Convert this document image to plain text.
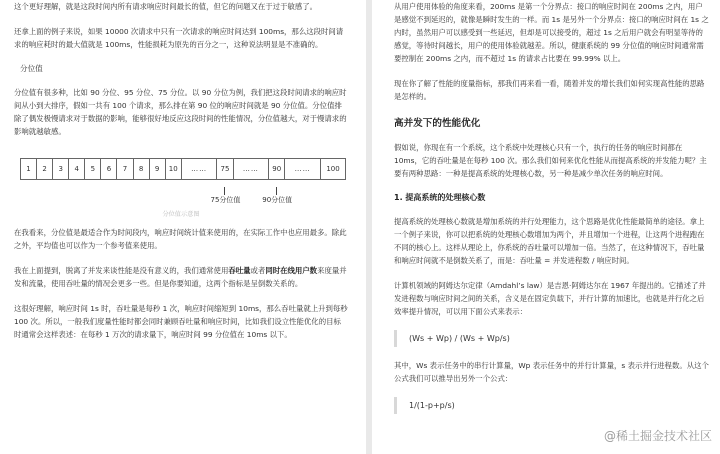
这个更好理解，就是这段时间内所有请求响应时间最长的值，但它的问题又在于过于敏感了。

还拿上面的例子来说，如果 10000 次请求中只有一次请求的响应时间达到 100ms，那么这段时间请求的响应耗时的最大值就是 100ms，性能损耗为原先的百分之一，这种说法明显是不准确的。

分位值

分位值有很多种，比如 90 分位、95 分位、75 分位。以 90 分位为例，我们把这段时间请求的响应时间从小到大排序，假如一共有 100 个请求，那么排在第 90 位的响应时间就是 90 分位值。分位值排除了偶发极慢请求对于数据的影响，能够很好地反应这段时间的性能情况，分位值越大，对于慢请求的影响就越敏感。

1	2	3	4	5	6	7	8	9	10	……	75	……	90	……	100
75分位值	90分位值
分位值示意图

在我看来，分位值是最适合作为时间段内，响应时间统计值来使用的，在实际工作中也应用最多。除此之外，平均值也可以作为一个参考值来使用。

我在上面提到，脱离了并发来谈性能是没有意义的，我们通常使用吞吐量或者同时在线用户数来度量并发和流量，使用吞吐量的情况会更多一些。但是你要知道，这两个指标是呈倒数关系的。

这很好理解，响应时间 1s 时，吞吐量是每秒 1 次，响应时间缩短到 10ms，那么吞吐量就上升到每秒 100 次。所以，一般我们度量性能时都会同时兼顾吞吐量和响应时间，比如我们设立性能优化的目标时通常会这样表述：在每秒 1 万次的请求量下，响应时间 99 分位值在 10ms 以下。

从用户使用体验的角度来看，200ms 是第一个分界点：接口的响应时间在 200ms 之内，用户是感觉不到延迟的，就像是瞬时发生的一样。而 1s 是另外一个分界点：接口的响应时间在 1s 之内时，虽然用户可以感受到一些延迟，但却是可以接受的，超过 1s 之后用户就会有明显等待的感觉，等待时间越长，用户的使用体验就越差。所以，健康系统的 99 分位值的响应时间通常需要控制在 200ms 之内，而不超过 1s 的请求占比要在 99.99% 以上。

现在你了解了性能的度量指标，那我们再来看一看，随着并发的增长我们如何实现高性能的思路是怎样的。

高并发下的性能优化

假如说，你现在有一个系统，这个系统中处理核心只有一个，执行的任务的响应时间都在 10ms，它的吞吐量是在每秒 100 次。那么我们如何来优化性能从而提高系统的并发能力呢？主要有两种思路：一种是提高系统的处理核心数，另一种是减少单次任务的响应时间。

1. 提高系统的处理核心数

提高系统的处理核心数就是增加系统的并行处理能力，这个思路是优化性能最简单的途径。拿上一个例子来说，你可以把系统的处理核心数增加为两个，并且增加一个进程，让这两个进程跑在不同的核心上。这样从理论上，你系统的吞吐量可以增加一倍。当然了，在这种情况下，吞吐量和响应时间就不是倒数关系了，而是：吞吐量 = 并发进程数 / 响应时间。

计算机领域的阿姆达尔定律（Amdahl’s law）是吉恩·阿姆达尔在 1967 年提出的。它描述了并发进程数与响应时间之间的关系，含义是在固定负载下，并行计算的加速比，也就是并行化之后效率提升情况，可以用下面公式来表示：

(Ws + Wp) / (Ws + Wp/s)

其中，Ws 表示任务中的串行计算量，Wp 表示任务中的并行计算量，s 表示并行进程数。从这个公式我们可以推导出另外一个公式：

1/(1-p+p/s)
@稀土掘金技术社区
